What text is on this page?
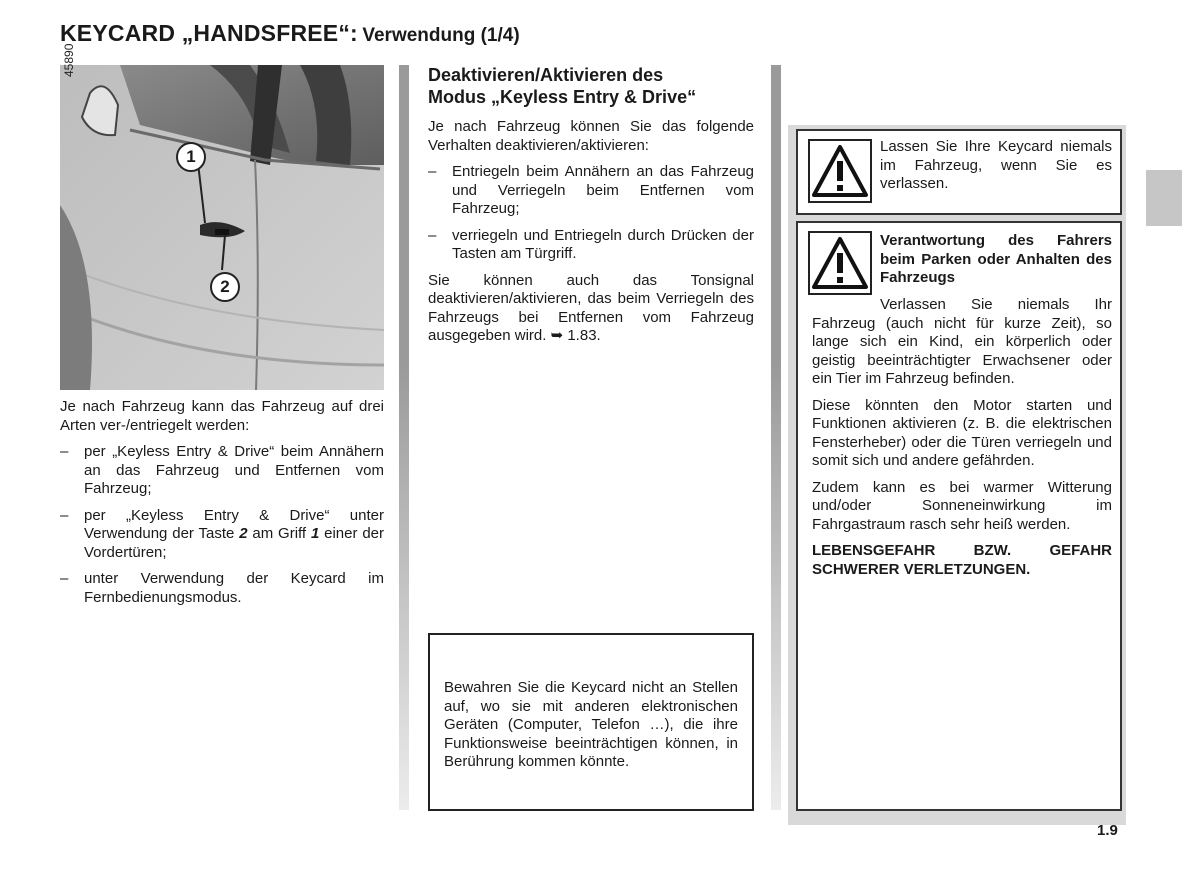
KEYCARD „HANDSFREE“: Verwendung (1/4)
45890
1
2

Je nach Fahrzeug kann das Fahrzeug auf drei Arten ver-/entriegelt werden:

– per „Keyless Entry & Drive“ beim Annähern an das Fahrzeug und Entfernen vom Fahrzeug;
– per „Keyless Entry & Drive“ unter Verwendung der Taste 2 am Griff 1 einer der Vordertüren;
– unter Verwendung der Keycard im Fernbedienungsmodus.
Deaktivieren/Aktivieren des
Modus „Keyless Entry & Drive“

Je nach Fahrzeug können Sie das folgende Verhalten deaktivieren/aktivieren:

– Entriegeln beim Annähern an das Fahrzeug und Verriegeln beim Entfernen vom Fahrzeug;
– verriegeln und Entriegeln durch Drücken der Tasten am Türgriff.

Sie können auch das Tonsignal deaktivieren/aktivieren, das beim Verriegeln des Fahrzeugs bei Entfernen vom Fahrzeug ausgegeben wird. ➥ 1.83.

Bewahren Sie die Keycard nicht an Stellen auf, wo sie mit anderen elektronischen Geräten (Computer, Telefon …), die ihre Funktionsweise beeinträchtigen können, in Berührung kommen könnte.

Lassen Sie Ihre Keycard niemals im Fahrzeug, wenn Sie es verlassen.

Verantwortung des Fahrers beim Parken oder Anhalten des Fahrzeugs

Verlassen Sie niemals Ihr Fahrzeug (auch nicht für kurze Zeit), so lange sich ein Kind, ein körperlich oder geistig beeinträchtigter Erwachsener oder ein Tier im Fahrzeug befinden.

Diese könnten den Motor starten und Funktionen aktivieren (z. B. die elektrischen Fensterheber) oder die Türen verriegeln und somit sich und andere gefährden.

Zudem kann es bei warmer Witterung und/oder Sonneneinwirkung im Fahrgastraum rasch sehr heiß werden.

LEBENSGEFAHR BZW. GEFAHR SCHWERER VERLETZUNGEN.

1.9
